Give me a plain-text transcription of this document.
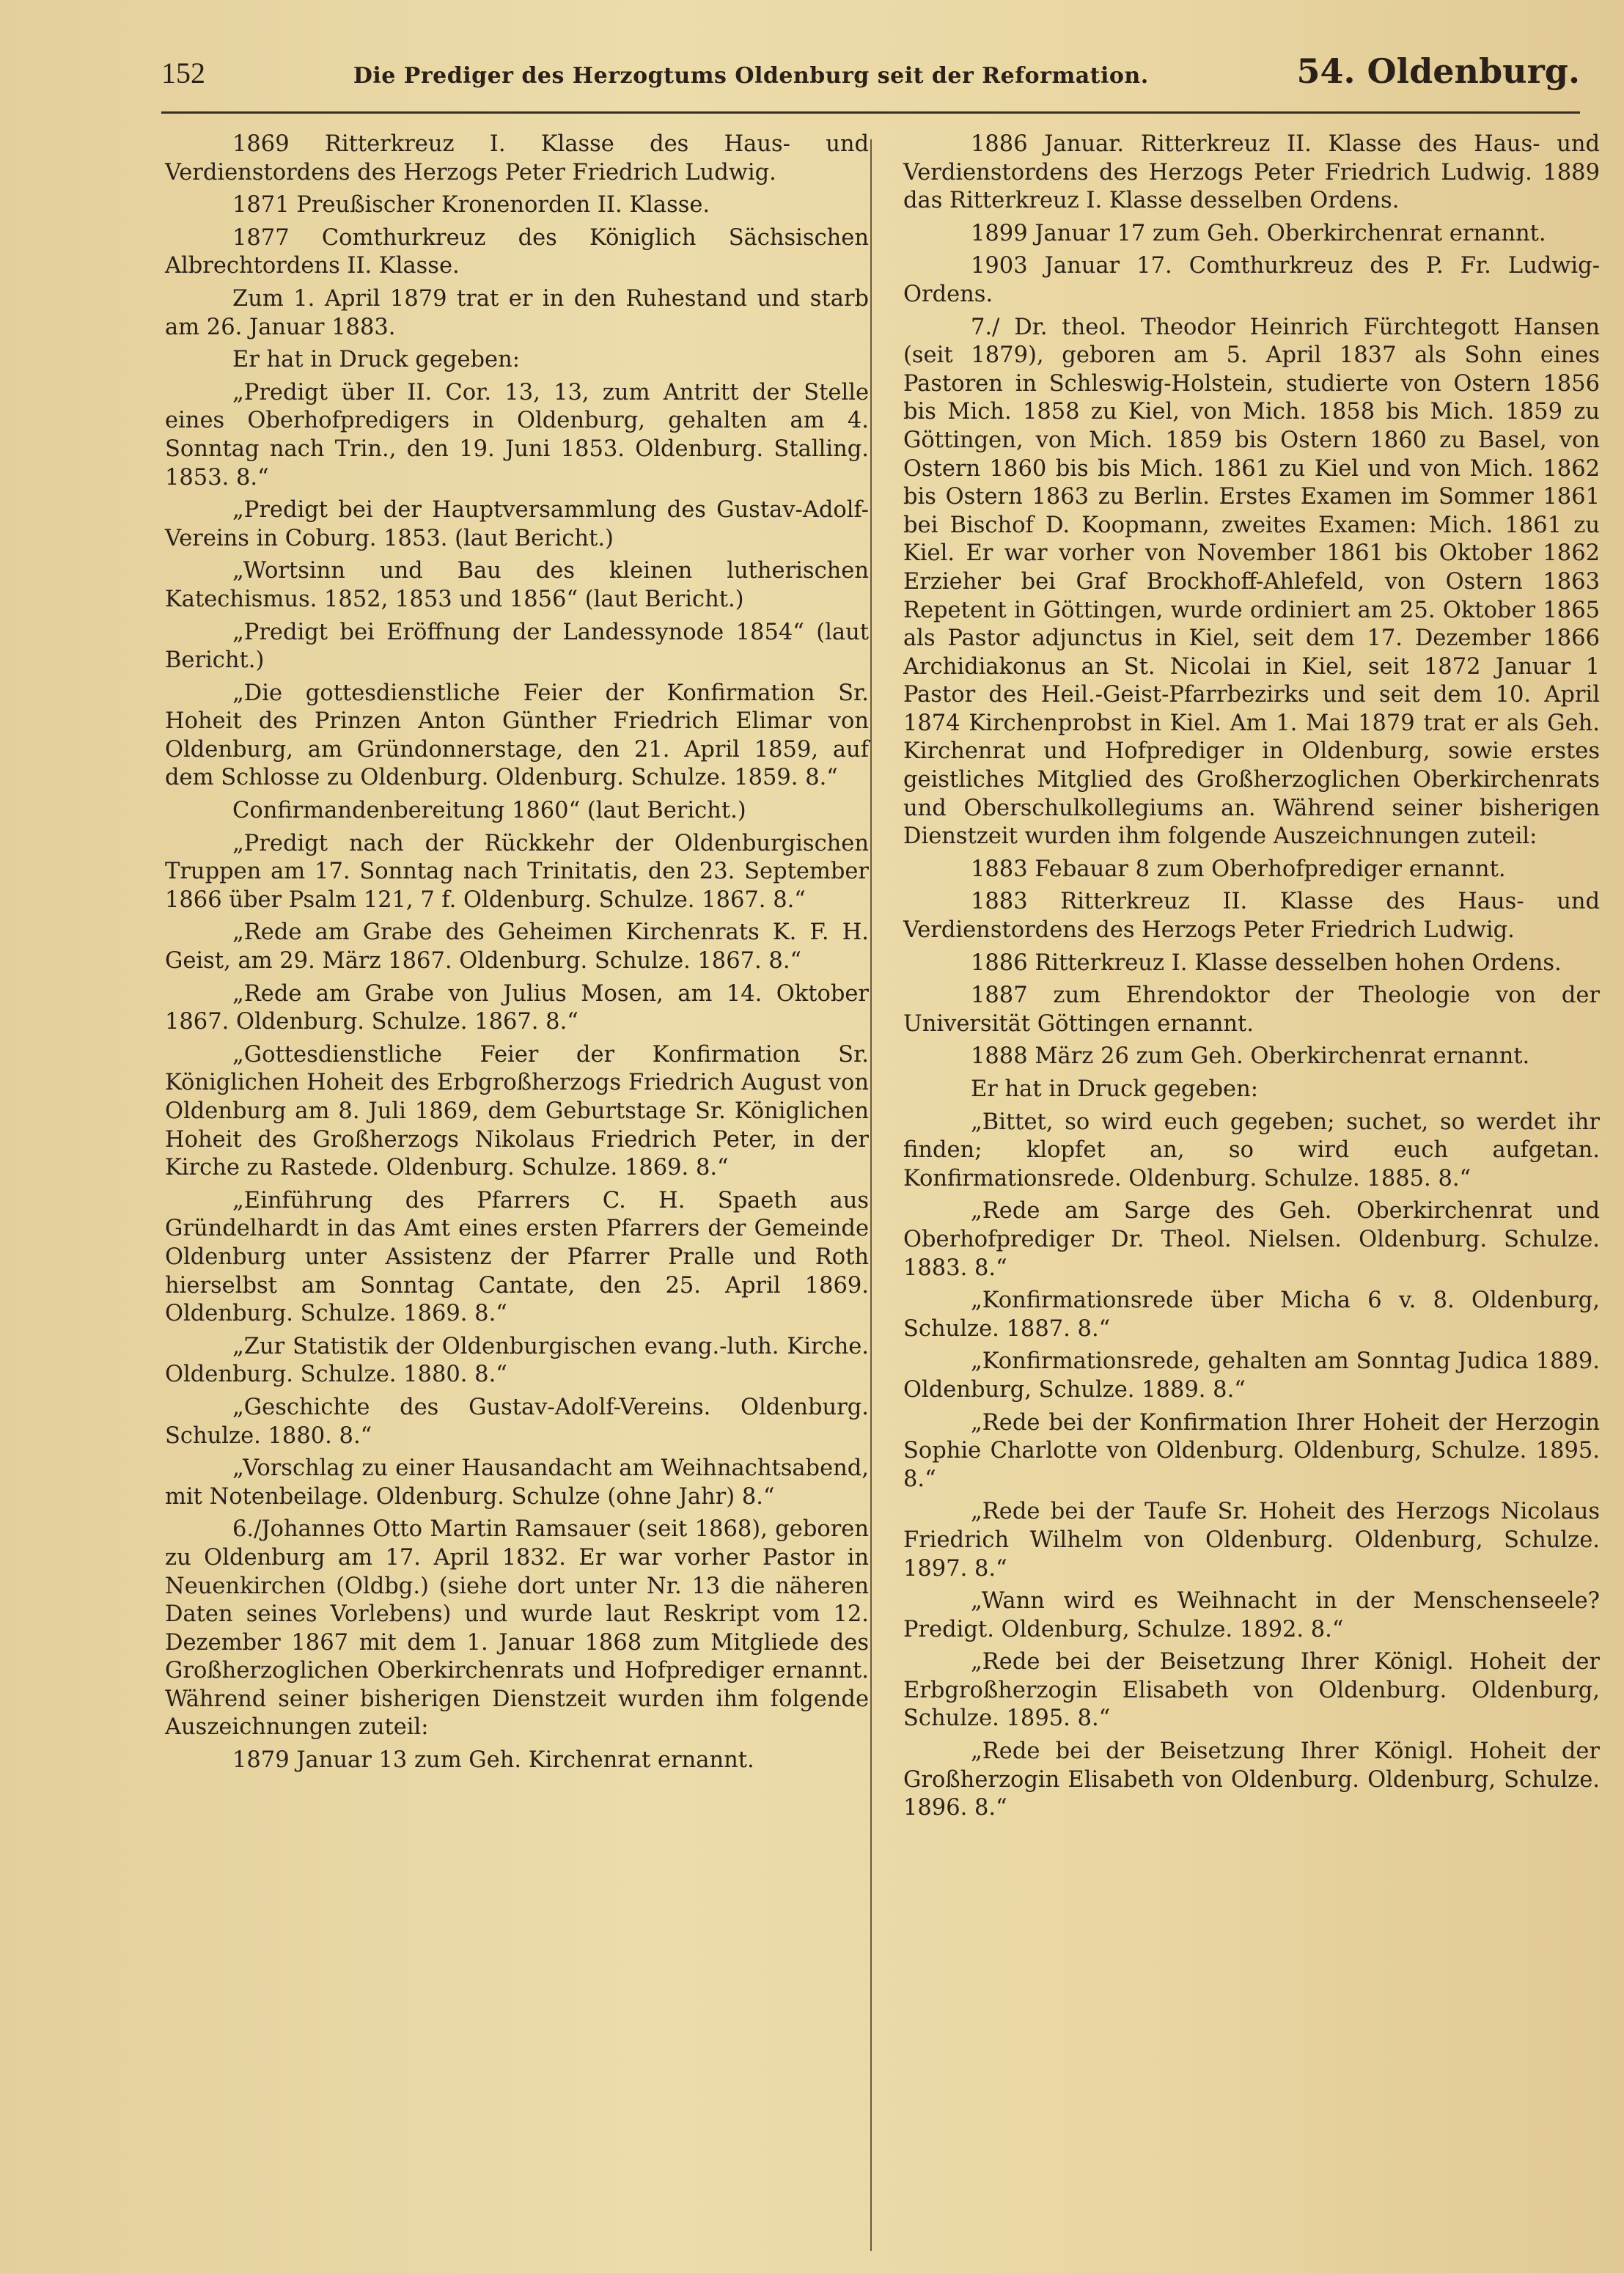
152	Die Prediger des Herzogtums Oldenburg seit der Reformation.	54. Oldenburg.

1869 Ritterkreuz I. Klasse des Haus- und Verdienstordens des Herzogs Peter Friedrich Ludwig.

1871 Preußischer Kronenorden II. Klasse.

1877 Comthurkreuz des Königlich Sächsischen Albrechtordens II. Klasse.

Zum 1. April 1879 trat er in den Ruhestand und starb am 26. Januar 1883.

Er hat in Druck gegeben:

„Predigt über II. Cor. 13, 13, zum Antritt der Stelle eines Oberhofpredigers in Oldenburg, gehalten am 4. Sonntag nach Trin., den 19. Juni 1853. Oldenburg. Stalling. 1853. 8.“

„Predigt bei der Hauptversammlung des Gustav-Adolf-Vereins in Coburg. 1853. (laut Bericht.)

„Wortsinn und Bau des kleinen lutherischen Katechismus. 1852, 1853 und 1856“ (laut Bericht.)

„Predigt bei Eröffnung der Landessynode 1854“ (laut Bericht.)

„Die gottesdienstliche Feier der Konfirmation Sr. Hoheit des Prinzen Anton Günther Friedrich Elimar von Oldenburg, am Gründonnerstage, den 21. April 1859, auf dem Schlosse zu Oldenburg. Oldenburg. Schulze. 1859. 8.“

Confirmandenbereitung 1860“ (laut Bericht.)

„Predigt nach der Rückkehr der Oldenburgischen Truppen am 17. Sonntag nach Trinitatis, den 23. September 1866 über Psalm 121, 7 f. Oldenburg. Schulze. 1867. 8.“

„Rede am Grabe des Geheimen Kirchenrats K. F. H. Geist, am 29. März 1867. Oldenburg. Schulze. 1867. 8.“

„Rede am Grabe von Julius Mosen, am 14. Oktober 1867. Oldenburg. Schulze. 1867. 8.“

„Gottesdienstliche Feier der Konfirmation Sr. Königlichen Hoheit des Erbgroßherzogs Friedrich August von Oldenburg am 8. Juli 1869, dem Geburtstage Sr. Königlichen Hoheit des Großherzogs Nikolaus Friedrich Peter, in der Kirche zu Rastede. Oldenburg. Schulze. 1869. 8.“

„Einführung des Pfarrers C. H. Spaeth aus Gründelhardt in das Amt eines ersten Pfarrers der Gemeinde Oldenburg unter Assistenz der Pfarrer Pralle und Roth hierselbst am Sonntag Cantate, den 25. April 1869. Oldenburg. Schulze. 1869. 8.“

„Zur Statistik der Oldenburgischen evang.-luth. Kirche. Oldenburg. Schulze. 1880. 8.“

„Geschichte des Gustav-Adolf-Vereins. Oldenburg. Schulze. 1880. 8.“

„Vorschlag zu einer Hausandacht am Weihnachtsabend, mit Notenbeilage. Oldenburg. Schulze (ohne Jahr) 8.“

6./Johannes Otto Martin Ramsauer (seit 1868), geboren zu Oldenburg am 17. April 1832. Er war vorher Pastor in Neuenkirchen (Oldbg.) (siehe dort unter Nr. 13 die näheren Daten seines Vorlebens) und wurde laut Reskript vom 12. Dezember 1867 mit dem 1. Januar 1868 zum Mitgliede des Großherzoglichen Oberkirchenrats und Hofprediger ernannt. Während seiner bisherigen Dienstzeit wurden ihm folgende Auszeichnungen zuteil:

1879 Januar 13 zum Geh. Kirchenrat ernannt.

1886 Januar. Ritterkreuz II. Klasse des Haus- und Verdienstordens des Herzogs Peter Friedrich Ludwig. 1889 das Ritterkreuz I. Klasse desselben Ordens.

1899 Januar 17 zum Geh. Oberkirchenrat ernannt.

1903 Januar 17. Comthurkreuz des P. Fr. Ludwig-Ordens.

7./ Dr. theol. Theodor Heinrich Fürchtegott Hansen (seit 1879), geboren am 5. April 1837 als Sohn eines Pastoren in Schleswig-Holstein, studierte von Ostern 1856 bis Mich. 1858 zu Kiel, von Mich. 1858 bis Mich. 1859 zu Göttingen, von Mich. 1859 bis Ostern 1860 zu Basel, von Ostern 1860 bis bis Mich. 1861 zu Kiel und von Mich. 1862 bis Ostern 1863 zu Berlin. Erstes Examen im Sommer 1861 bei Bischof D. Koopmann, zweites Examen: Mich. 1861 zu Kiel. Er war vorher von November 1861 bis Oktober 1862 Erzieher bei Graf Brockhoff-Ahlefeld, von Ostern 1863 Repetent in Göttingen, wurde ordiniert am 25. Oktober 1865 als Pastor adjunctus in Kiel, seit dem 17. Dezember 1866 Archidiakonus an St. Nicolai in Kiel, seit 1872 Januar 1 Pastor des Heil.-Geist-Pfarrbezirks und seit dem 10. April 1874 Kirchenprobst in Kiel. Am 1. Mai 1879 trat er als Geh. Kirchenrat und Hofprediger in Oldenburg, sowie erstes geistliches Mitglied des Großherzoglichen Oberkirchenrats und Oberschulkollegiums an. Während seiner bisherigen Dienstzeit wurden ihm folgende Auszeichnungen zuteil:

1883 Febauar 8 zum Oberhofprediger ernannt.

1883 Ritterkreuz II. Klasse des Haus- und Verdienstordens des Herzogs Peter Friedrich Ludwig.

1886 Ritterkreuz I. Klasse desselben hohen Ordens.

1887 zum Ehrendoktor der Theologie von der Universität Göttingen ernannt.

1888 März 26 zum Geh. Oberkirchenrat ernannt.

Er hat in Druck gegeben:

„Bittet, so wird euch gegeben; suchet, so werdet ihr finden; klopfet an, so wird euch aufgetan. Konfirmationsrede. Oldenburg. Schulze. 1885. 8.“

„Rede am Sarge des Geh. Oberkirchenrat und Oberhofprediger Dr. Theol. Nielsen. Oldenburg. Schulze. 1883. 8.“

„Konfirmationsrede über Micha 6 v. 8. Oldenburg, Schulze. 1887. 8.“

„Konfirmationsrede, gehalten am Sonntag Judica 1889. Oldenburg, Schulze. 1889. 8.“

„Rede bei der Konfirmation Ihrer Hoheit der Herzogin Sophie Charlotte von Oldenburg. Oldenburg, Schulze. 1895. 8.“

„Rede bei der Taufe Sr. Hoheit des Herzogs Nicolaus Friedrich Wilhelm von Oldenburg. Oldenburg, Schulze. 1897. 8.“

„Wann wird es Weihnacht in der Menschenseele? Predigt. Oldenburg, Schulze. 1892. 8.“

„Rede bei der Beisetzung Ihrer Königl. Hoheit der Erbgroßherzogin Elisabeth von Oldenburg. Oldenburg, Schulze. 1895. 8.“

„Rede bei der Beisetzung Ihrer Königl. Hoheit der Großherzogin Elisabeth von Oldenburg. Oldenburg, Schulze. 1896. 8.“
